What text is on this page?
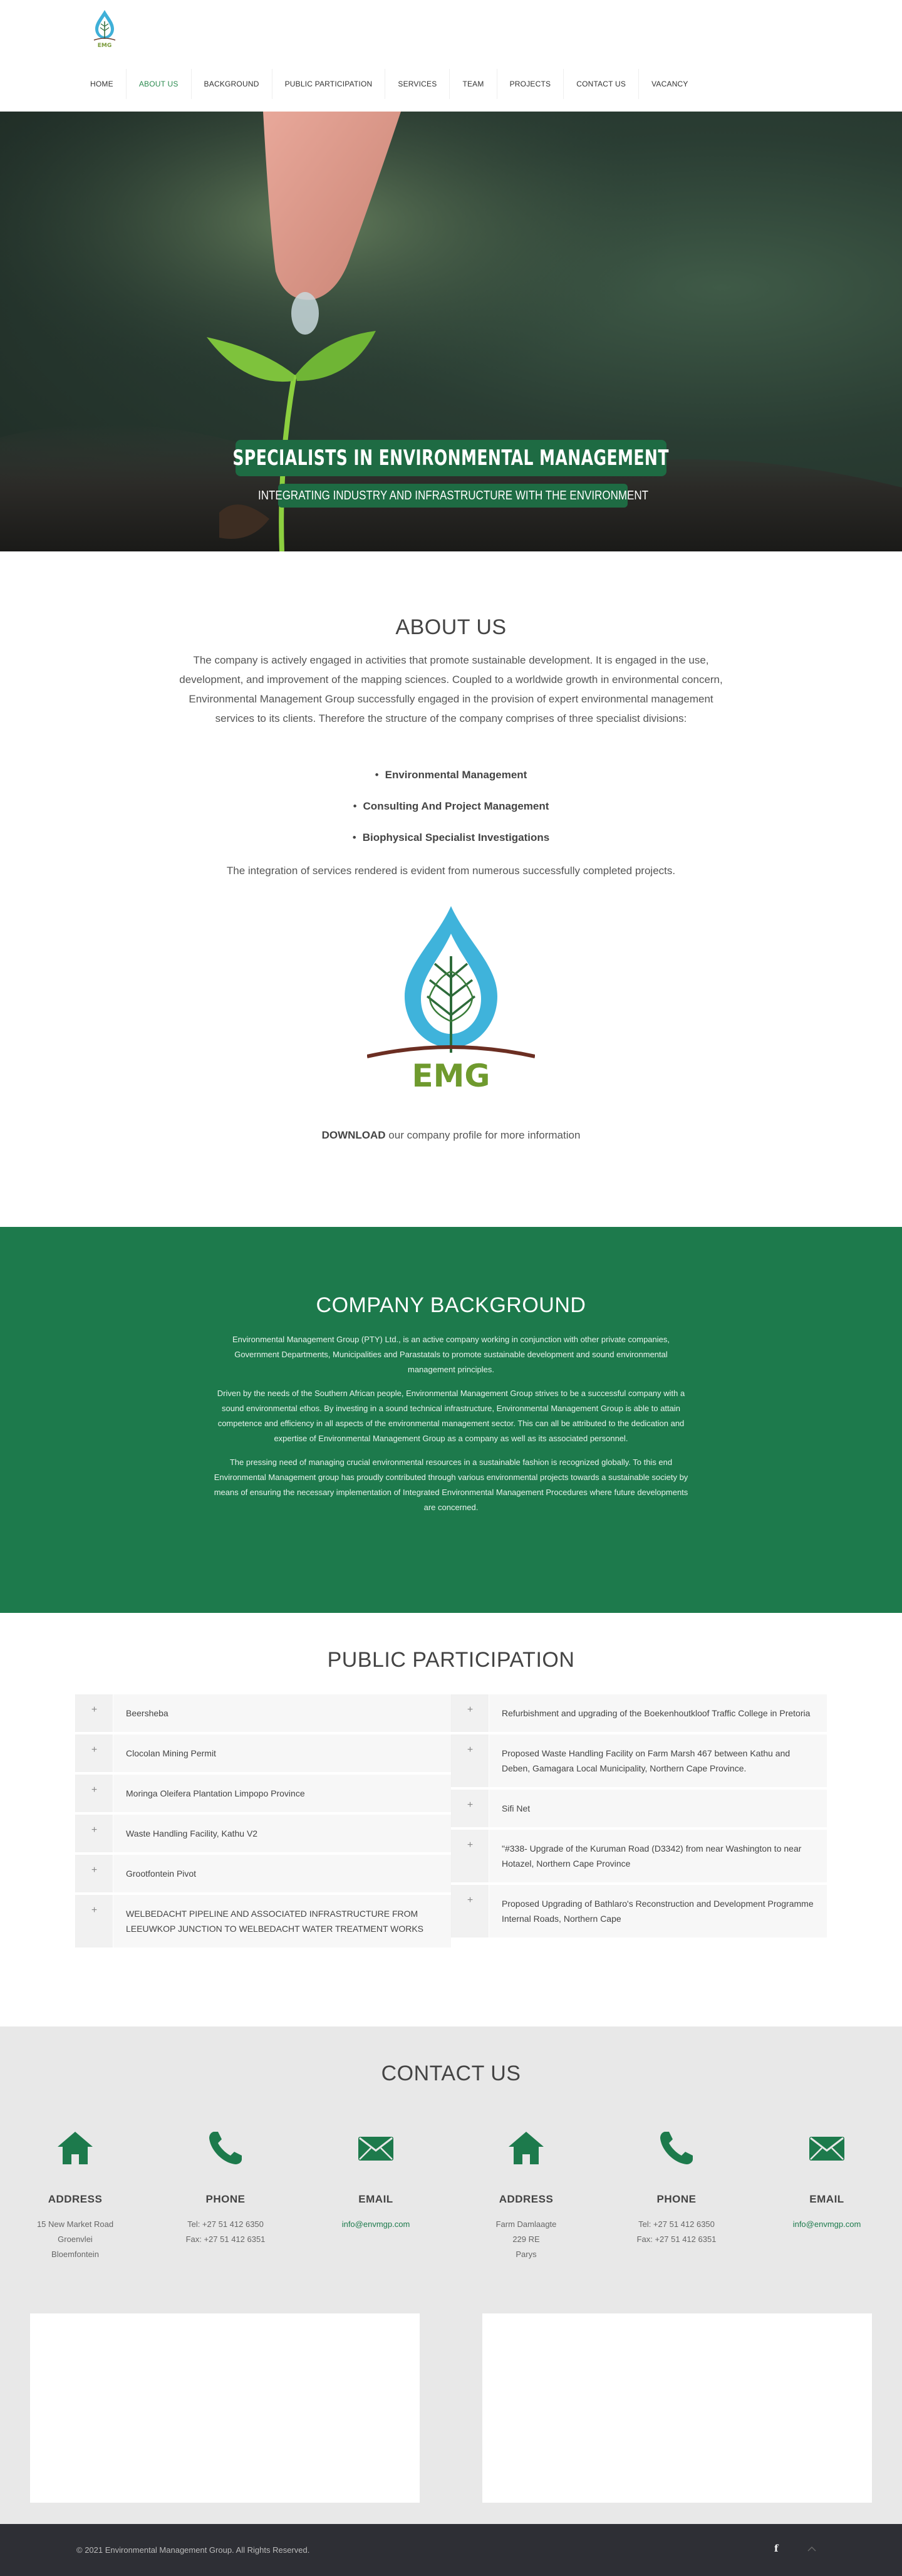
EMG
HOME	ABOUT US	BACKGROUND	PUBLIC PARTICIPATION	SERVICES	TEAM	PROJECTS	CONTACT US	VACANCY
SPECIALISTS IN ENVIRONMENTAL MANAGEMENT
INTEGRATING INDUSTRY AND INFRASTRUCTURE WITH THE ENVIRONMENT
ABOUT US

The company is actively engaged in activities that promote sustainable development. It is engaged in the use, development, and improvement of the mapping sciences. Coupled to a worldwide growth in environmental concern, Environmental Management Group successfully engaged in the provision of expert environmental management services to its clients. Therefore the structure of the company comprises of three specialist divisions:

• Environmental Management
• Consulting And Project Management
• Biophysical Specialist Investigations

The integration of services rendered is evident from numerous successfully completed projects.

EMG

DOWNLOAD our company profile for more information

COMPANY BACKGROUND

Environmental Management Group (PTY) Ltd., is an active company working in conjunction with other private companies, Government Departments, Municipalities and Parastatals to promote sustainable development and sound environmental management principles.

Driven by the needs of the Southern African people, Environmental Management Group strives to be a successful company with a sound environmental ethos. By investing in a sound technical infrastructure, Environmental Management Group is able to attain competence and efficiency in all aspects of the environmental management sector. This can all be attributed to the dedication and expertise of Environmental Management Group as a company as well as its associated personnel.

The pressing need of managing crucial environmental resources in a sustainable fashion is recognized globally. To this end Environmental Management group has proudly contributed through various environmental projects towards a sustainable society by means of ensuring the necessary implementation of Integrated Environmental Management Procedures where future developments are concerned.

PUBLIC PARTICIPATION
+	Beersheba
+	Clocolan Mining Permit
+	Moringa Oleifera Plantation Limpopo Province
+	Waste Handling Facility, Kathu V2
+	Grootfontein Pivot
+	WELBEDACHT PIPELINE AND ASSOCIATED INFRASTRUCTURE FROM LEEUWKOP JUNCTION TO WELBEDACHT WATER TREATMENT WORKS
+	Refurbishment and upgrading of the Boekenhoutkloof Traffic College in Pretoria
+	Proposed Waste Handling Facility on Farm Marsh 467 between Kathu and Deben, Gamagara Local Municipality, Northern Cape Province.
+	Sifi Net
+	"#338- Upgrade of the Kuruman Road (D3342) from near Washington to near Hotazel, Northern Cape Province
+	Proposed Upgrading of Bathlaro's Reconstruction and Development Programme Internal Roads, Northern Cape
CONTACT US
ADDRESS
15 New Market Road
Groenvlei
Bloemfontein
PHONE
Tel: +27 51 412 6350
Fax: +27 51 412 6351
EMAIL
info@envmgp.com
ADDRESS
Farm Damlaagte
229 RE
Parys
PHONE
Tel: +27 51 412 6350
Fax: +27 51 412 6351
EMAIL
info@envmgp.com
© 2021 Environmental Management Group. All Rights Reserved.	f
